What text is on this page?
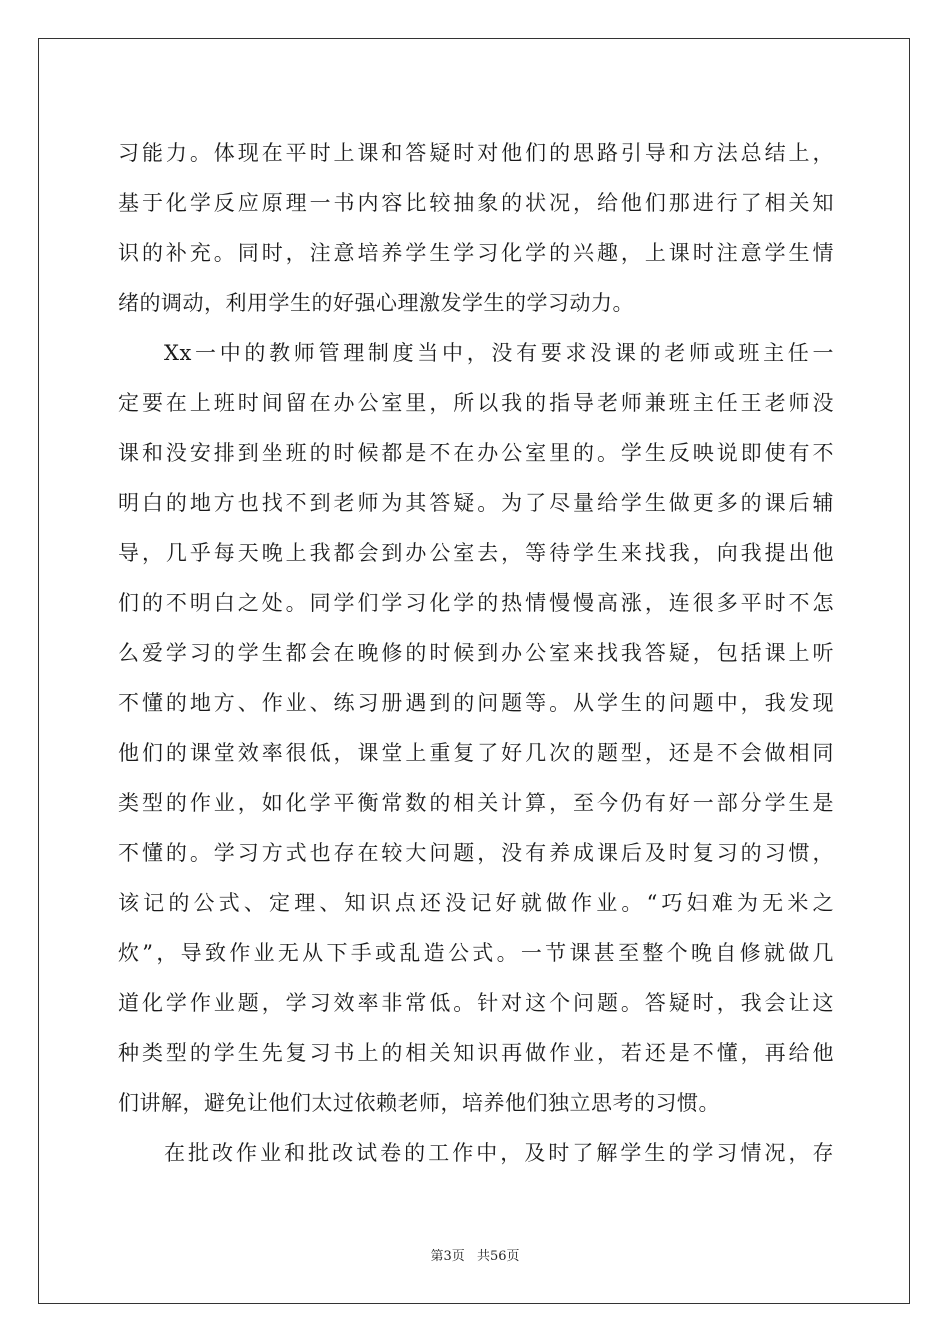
习能力。体现在平时上课和答疑时对他们的思路引导和方法总结上，
基于化学反应原理一书内容比较抽象的状况，给他们那进行了相关知
识的补充。同时，注意培养学生学习化学的兴趣，上课时注意学生情
绪的调动，利用学生的好强心理激发学生的学习动力。
Xx一中的教师管理制度当中，没有要求没课的老师或班主任一
定要在上班时间留在办公室里，所以我的指导老师兼班主任王老师没
课和没安排到坐班的时候都是不在办公室里的。学生反映说即使有不
明白的地方也找不到老师为其答疑。为了尽量给学生做更多的课后辅
导，几乎每天晚上我都会到办公室去，等待学生来找我，向我提出他
们的不明白之处。同学们学习化学的热情慢慢高涨，连很多平时不怎
么爱学习的学生都会在晚修的时候到办公室来找我答疑，包括课上听
不懂的地方、作业、练习册遇到的问题等。从学生的问题中，我发现
他们的课堂效率很低，课堂上重复了好几次的题型，还是不会做相同
类型的作业，如化学平衡常数的相关计算，至今仍有好一部分学生是
不懂的。学习方式也存在较大问题，没有养成课后及时复习的习惯，
该记的公式、定理、知识点还没记好就做作业。“巧妇难为无米之
炊”，导致作业无从下手或乱造公式。一节课甚至整个晚自修就做几
道化学作业题，学习效率非常低。针对这个问题。答疑时，我会让这
种类型的学生先复习书上的相关知识再做作业，若还是不懂，再给他
们讲解，避免让他们太过依赖老师，培养他们独立思考的习惯。
在批改作业和批改试卷的工作中，及时了解学生的学习情况，存
第3页 共56页
